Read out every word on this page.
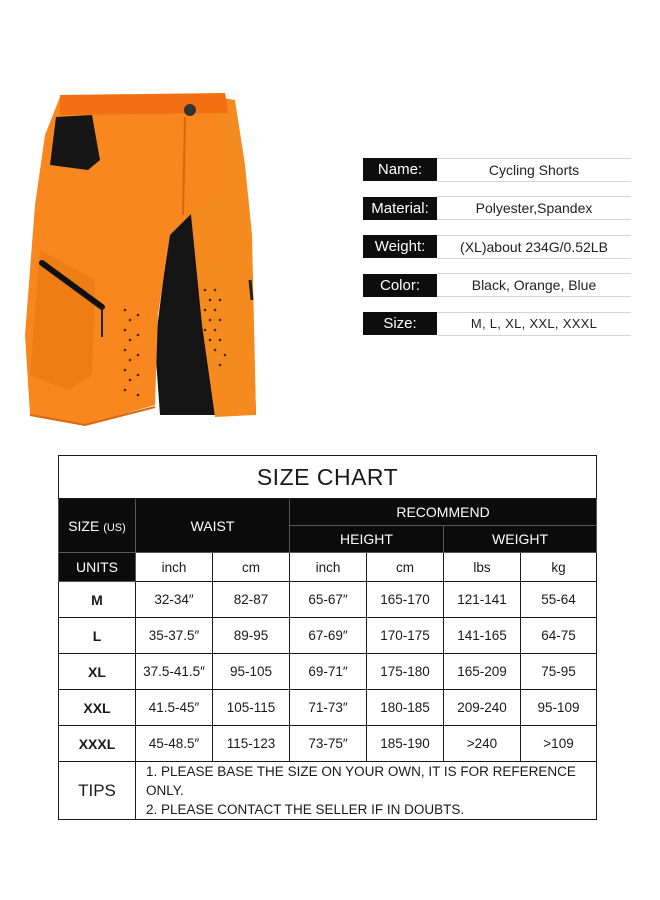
Name:	Cycling Shorts
Material:	Polyester,Spandex
Weight:	(XL)about 234G/0.52LB
Color:	Black, Orange, Blue
Size:	M, L, XL, XXL, XXXL
SIZE CHART						
SIZE (US)	WAIST		RECOMMEND			
			HEIGHT		WEIGHT	
UNITS	inch	cm	inch	cm	lbs	kg
M	32-34″	82-87	65-67″	165-170	121-141	55-64
L	35-37.5″	89-95	67-69″	170-175	141-165	64-75
XL	37.5-41.5″	95-105	69-71″	175-180	165-209	75-95
XXL	41.5-45″	105-115	71-73″	180-185	209-240	95-109
XXXL	45-48.5″	115-123	73-75″	185-190	>240	>109
TIPS	1. PLEASE BASE THE SIZE ON YOUR OWN, IT IS FOR REFERENCE ONLY.
2. PLEASE CONTACT THE SELLER IF IN DOUBTS.					
